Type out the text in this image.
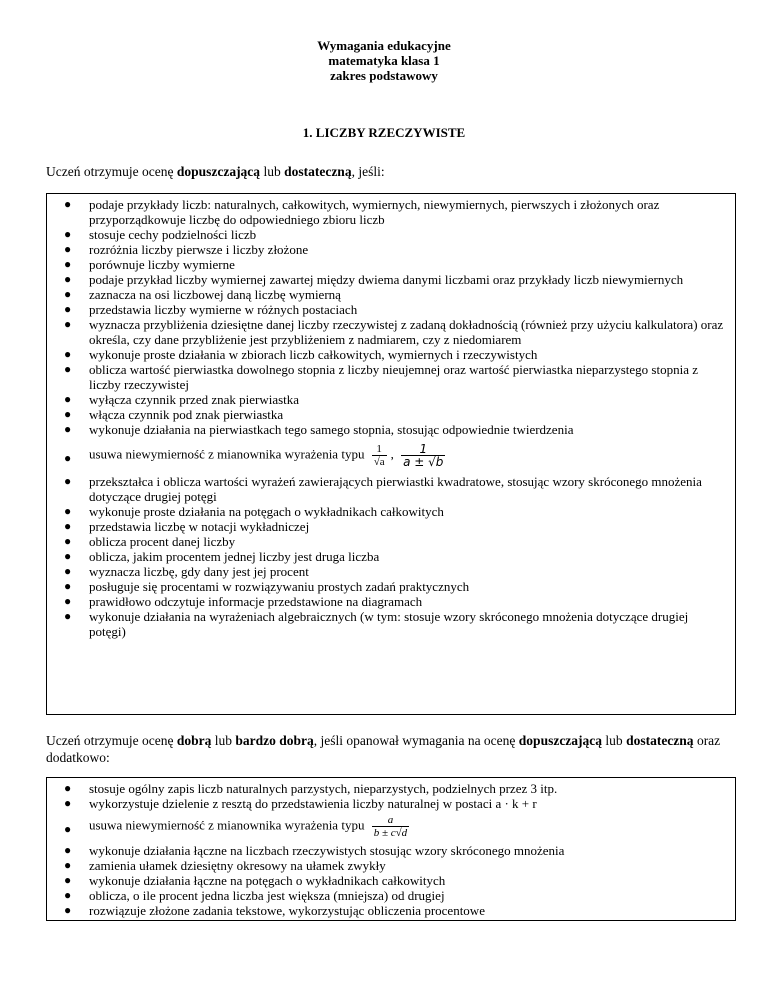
Wymagania edukacyjne
matematyka klasa 1
zakres podstawowy
1. LICZBY RZECZYWISTE
Uczeń otrzymuje ocenę dopuszczającą lub dostateczną, jeśli:
● podaje przykłady liczb: naturalnych, całkowitych, wymiernych, niewymiernych, pierwszych i złożonych oraz przyporządkowuje liczbę do odpowiedniego zbioru liczb
● stosuje cechy podzielności liczb
● rozróżnia liczby pierwsze i liczby złożone
● porównuje liczby wymierne
● podaje przykład liczby wymiernej zawartej między dwiema danymi liczbami oraz przykłady liczb niewymiernych
● zaznacza na osi liczbowej daną liczbę wymierną
● przedstawia liczby wymierne w różnych postaciach
● wyznacza przybliżenia dziesiętne danej liczby rzeczywistej z zadaną dokładnością (również przy użyciu kalkulatora) oraz określa, czy dane przybliżenie jest przybliżeniem z nadmiarem, czy z niedomiarem
● wykonuje proste działania w zbiorach liczb całkowitych, wymiernych i rzeczywistych
● oblicza wartość pierwiastka dowolnego stopnia z liczby nieujemnej oraz wartość pierwiastka nieparzystego stopnia z liczby rzeczywistej
● wyłącza czynnik przed znak pierwiastka
● włącza czynnik pod znak pierwiastka
● wykonuje działania na pierwiastkach tego samego stopnia, stosując odpowiednie twierdzenia
● usuwa niewymierność z mianownika wyrażenia typu $\frac{1}{√a}$ , $\frac{1}{a \pm √b}$
● przekształca i oblicza wartości wyrażeń zawierających pierwiastki kwadratowe, stosując wzory skróconego mnożenia dotyczące drugiej potęgi
● wykonuje proste działania na potęgach o wykładnikach całkowitych
● przedstawia liczbę w notacji wykładniczej
● oblicza procent danej liczby
● oblicza, jakim procentem jednej liczby jest druga liczba
● wyznacza liczbę, gdy dany jest jej procent
● posługuje się procentami w rozwiązywaniu prostych zadań praktycznych
● prawidłowo odczytuje informacje przedstawione na diagramach
● wykonuje działania na wyrażeniach algebraicznych (w tym: stosuje wzory skróconego mnożenia dotyczące drugiej potęgi)
Uczeń otrzymuje ocenę dobrą lub bardzo dobrą, jeśli opanował wymagania na ocenę dopuszczającą lub dostateczną oraz dodatkowo:
● stosuje ogólny zapis liczb naturalnych parzystych, nieparzystych, podzielnych przez 3 itp.
● wykorzystuje dzielenie z resztą do przedstawienia liczby naturalnej w postaci a · k + r
● usuwa niewymierność z mianownika wyrażenia typu $\frac{a}{b \pm c√d}$
● wykonuje działania łączne na liczbach rzeczywistych stosując wzory skróconego mnożenia
● zamienia ułamek dziesiętny okresowy na ułamek zwykły
● wykonuje działania łączne na potęgach o wykładnikach całkowitych
● oblicza, o ile procent jedna liczba jest większa (mniejsza) od drugiej
● rozwiązuje złożone zadania tekstowe, wykorzystując obliczenia procentowe
